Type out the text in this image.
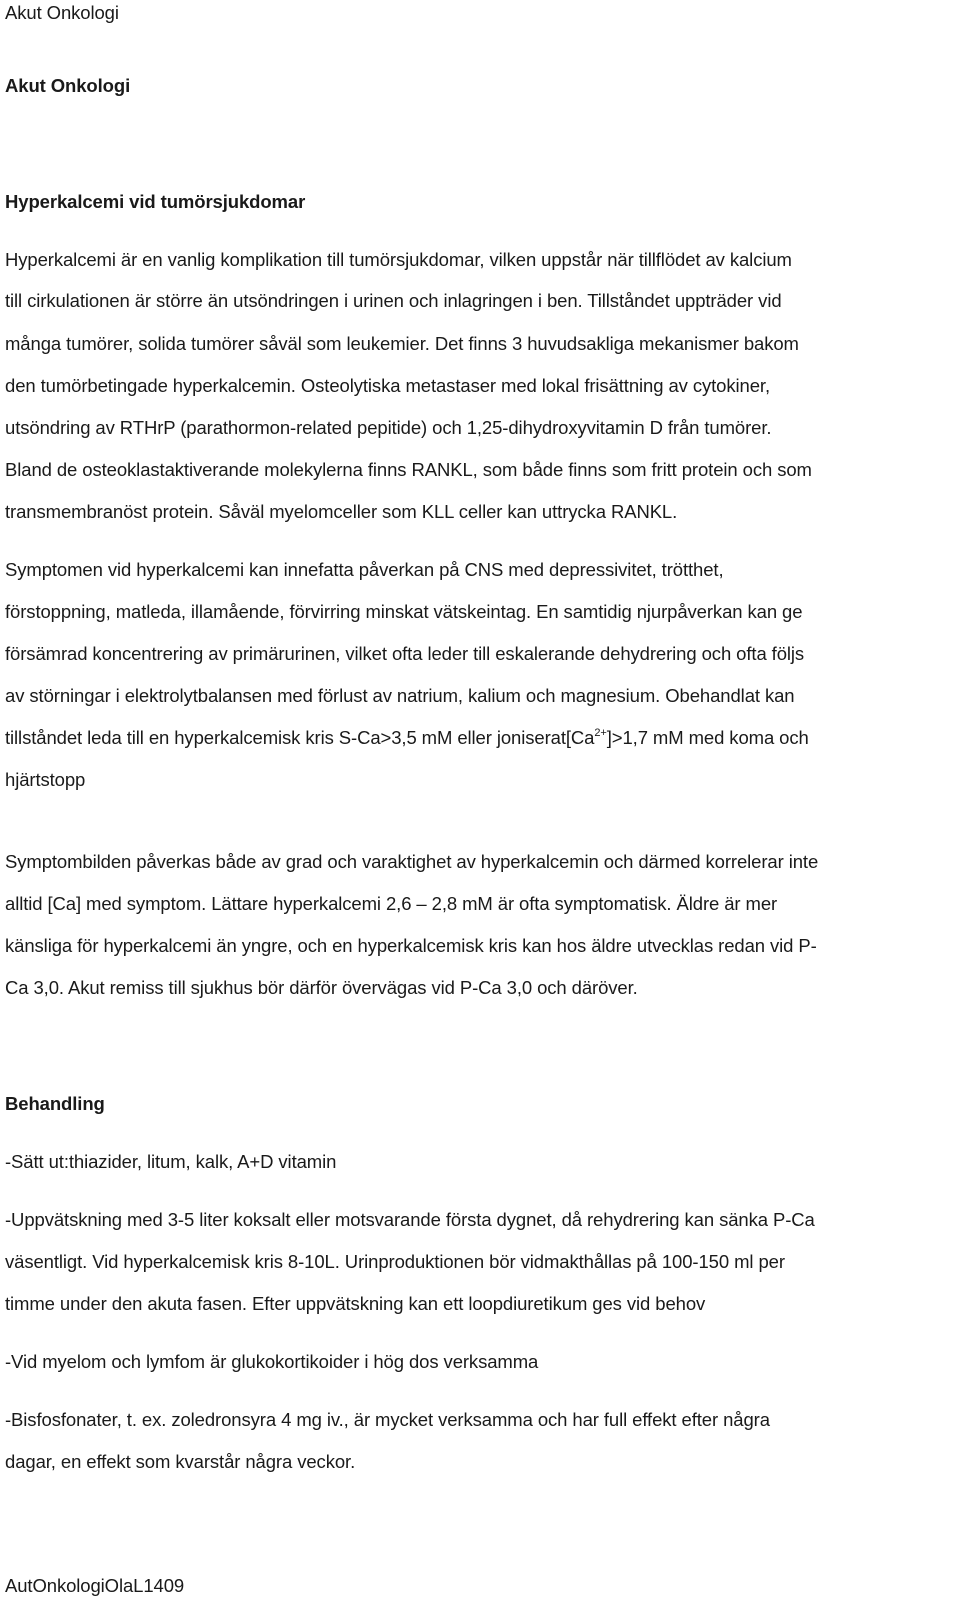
Akut Onkologi
Akut Onkologi
Hyperkalcemi vid tumörsjukdomar
Hyperkalcemi är en vanlig komplikation till tumörsjukdomar, vilken uppstår när tillflödet av kalcium
till cirkulationen är större än utsöndringen i urinen och inlagringen i ben. Tillståndet uppträder vid
många tumörer, solida tumörer såväl som leukemier. Det finns 3 huvudsakliga mekanismer bakom
den tumörbetingade hyperkalcemin. Osteolytiska metastaser med lokal frisättning av cytokiner,
utsöndring av RTHrP (parathormon-related pepitide) och 1,25-dihydroxyvitamin D från tumörer.
Bland de osteoklastaktiverande molekylerna finns RANKL, som både finns som fritt protein och som
transmembranöst protein. Såväl myelomceller som KLL celler kan uttrycka RANKL.
Symptomen vid hyperkalcemi kan innefatta påverkan på CNS med depressivitet, trötthet,
förstoppning, matleda, illamående, förvirring minskat vätskeintag. En samtidig njurpåverkan kan ge
försämrad koncentrering av primärurinen, vilket ofta leder till eskalerande dehydrering och ofta följs
av störningar i elektrolytbalansen med förlust av natrium, kalium och magnesium. Obehandlat kan
tillståndet leda till en hyperkalcemisk kris S-Ca>3,5 mM eller $joniserat[Ca^{2+}]>1,7$ mM med koma och
hjärtstopp
Symptombilden påverkas både av grad och varaktighet av hyperkalcemin och därmed korrelerar inte
alltid [Ca] med symptom. Lättare hyperkalcemi 2,6 – 2,8 mM är ofta symptomatisk. Äldre är mer
känsliga för hyperkalcemi än yngre, och en hyperkalcemisk kris kan hos äldre utvecklas redan vid P-
Ca 3,0. Akut remiss till sjukhus bör därför övervägas vid P-Ca 3,0 och däröver.
Behandling
-Sätt ut:thiazider, litum, kalk, A+D vitamin
-Uppvätskning med 3-5 liter koksalt eller motsvarande första dygnet, då rehydrering kan sänka P-Ca
väsentligt. Vid hyperkalcemisk kris 8-10L. Urinproduktionen bör vidmakthållas på 100-150 ml per
timme under den akuta fasen. Efter uppvätskning kan ett loopdiuretikum ges vid behov
-Vid myelom och lymfom är glukokortikoider i hög dos verksamma
-Bisfosfonater, t. ex. zoledronsyra 4 mg iv., är mycket verksamma och har full effekt efter några
dagar, en effekt som kvarstår några veckor.
AutOnkologiOlaL1409
